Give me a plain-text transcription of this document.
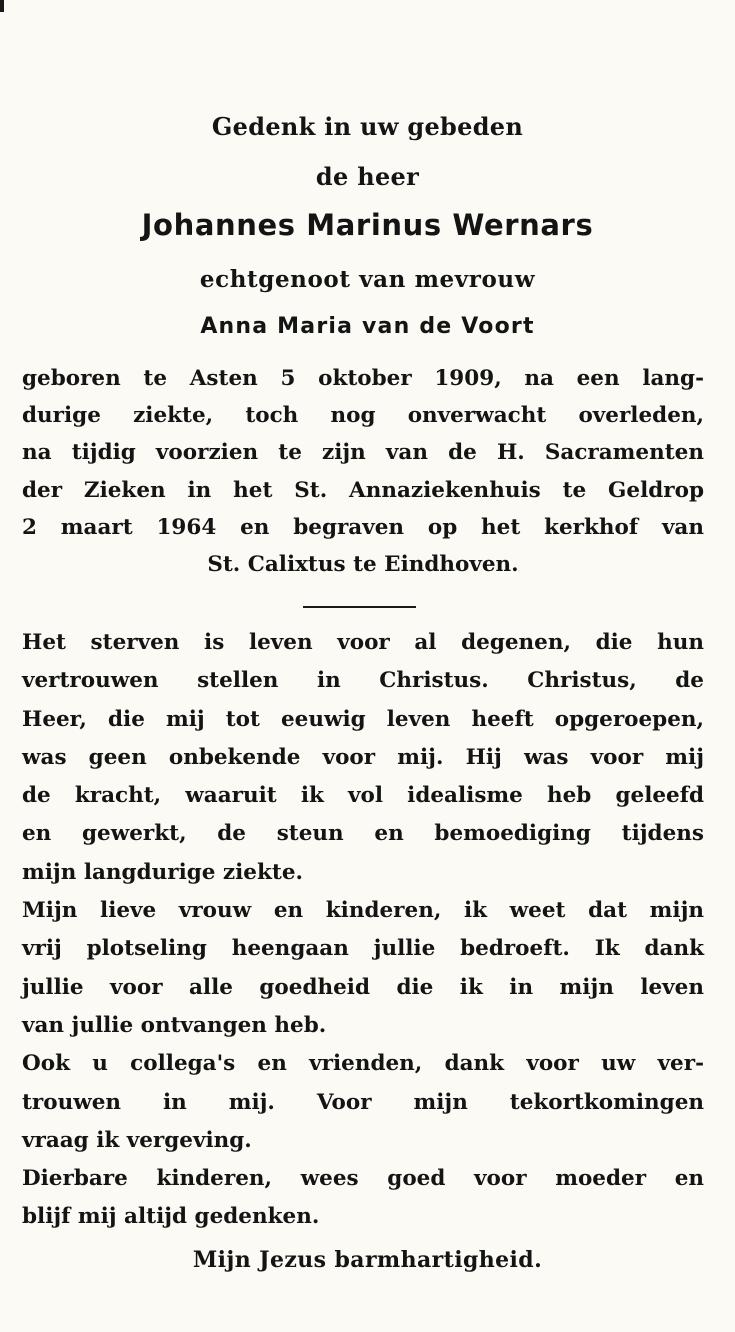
Gedenk in uw gebeden
de heer
Johannes Marinus Wernars
echtgenoot van mevrouw
Anna Maria van de Voort
geboren te Asten 5 oktober 1909, na een lang-
durige ziekte, toch nog onverwacht overleden,
na tijdig voorzien te zijn van de H. Sacramenten
der Zieken in het St. Annaziekenhuis te Geldrop
2 maart 1964 en begraven op het kerkhof van
St. Calixtus te Eindhoven.
Het sterven is leven voor al degenen, die hun
vertrouwen stellen in Christus. Christus, de
Heer, die mij tot eeuwig leven heeft opgeroepen,
was geen onbekende voor mij. Hij was voor mij
de kracht, waaruit ik vol idealisme heb geleefd
en gewerkt, de steun en bemoediging tijdens
mijn langdurige ziekte.
Mijn lieve vrouw en kinderen, ik weet dat mijn
vrij plotseling heengaan jullie bedroeft. Ik dank
jullie voor alle goedheid die ik in mijn leven
van jullie ontvangen heb.
Ook u collega's en vrienden, dank voor uw ver-
trouwen in mij. Voor mijn tekortkomingen
vraag ik vergeving.
Dierbare kinderen, wees goed voor moeder en
blijf mij altijd gedenken.
Mijn Jezus barmhartigheid.
